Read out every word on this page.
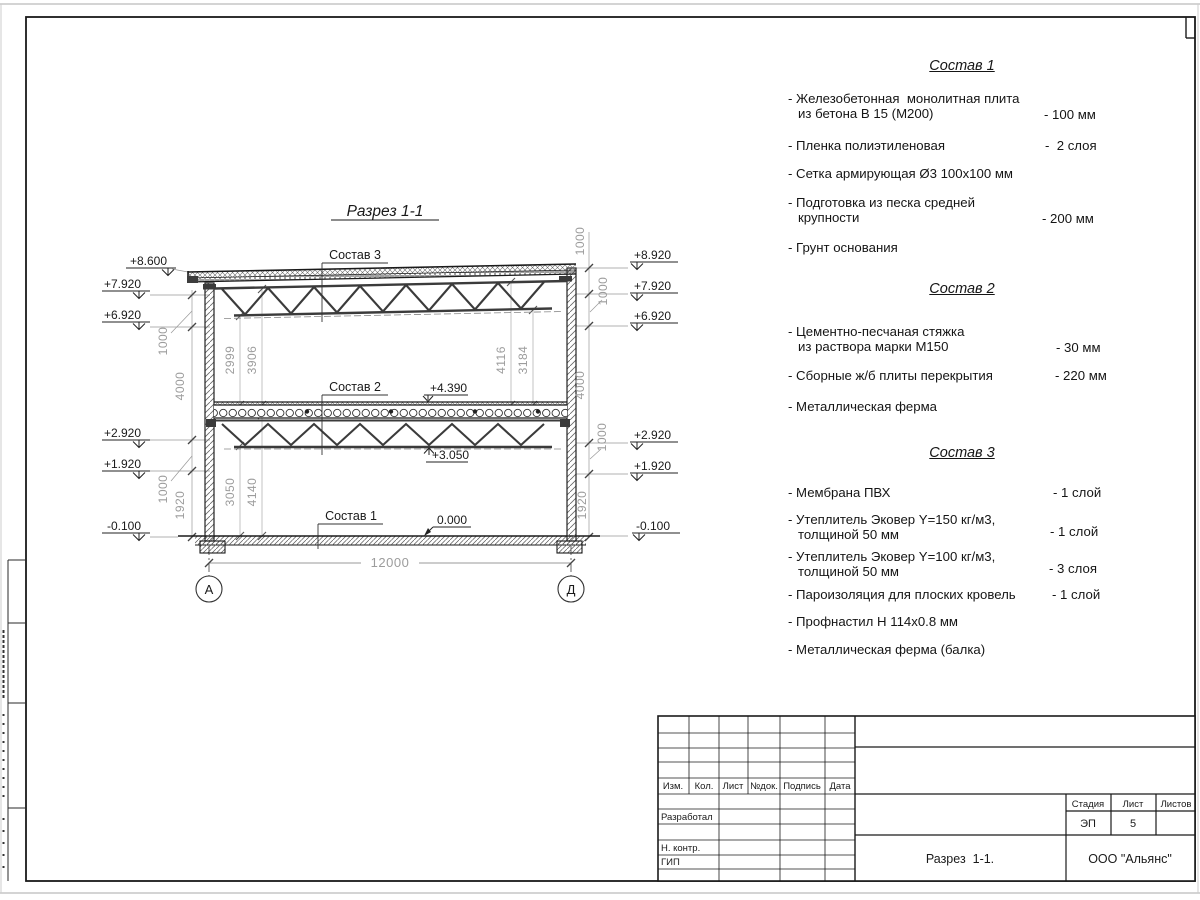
А	Д
Разрез 1-1
Состав 3
Состав 2
Состав 1
+4.390
+3.050
0.000
+8.600
+7.920
+6.920
+2.920
+1.920
-0.100
+8.920
+7.920
+6.920
+2.920
+1.920
-0.100
1000
4000
1000
1920
1000
1000
4000
1000
1920
2999 3906	4116 3184
3050 4140
12000
Изм. Кол. Лист №док. Подпись Дата
Разработал
Н. контр.
ГИП
Стадия Лист Листов
ЭП	5
Разрез  1-1.	ООО "Альянс"
Состав 1
- Железобетонная  монолитная плита
из бетона В 15 (М200)	- 100 мм
- Пленка полиэтиленовая	-  2 слоя
- Сетка армирующая Ø3 100х100 мм
- Подготовка из песка средней
крупности	- 200 мм
- Грунт основания
Состав 2
- Цементно-песчаная стяжка
из раствора марки М150	- 30 мм
- Сборные ж/б плиты перекрытия	- 220 мм
- Металлическая ферма
Состав 3
- Мембрана ПВХ	- 1 слой
- Утеплитель Эковер Y=150 кг/м3,
толщиной 50 мм	- 1 слой
- Утеплитель Эковер Y=100 кг/м3,
толщиной 50 мм	- 3 слоя
- Пароизоляция для плоских кровель	- 1 слой
- Профнастил Н 114х0.8 мм
- Металлическая ферма (балка)
